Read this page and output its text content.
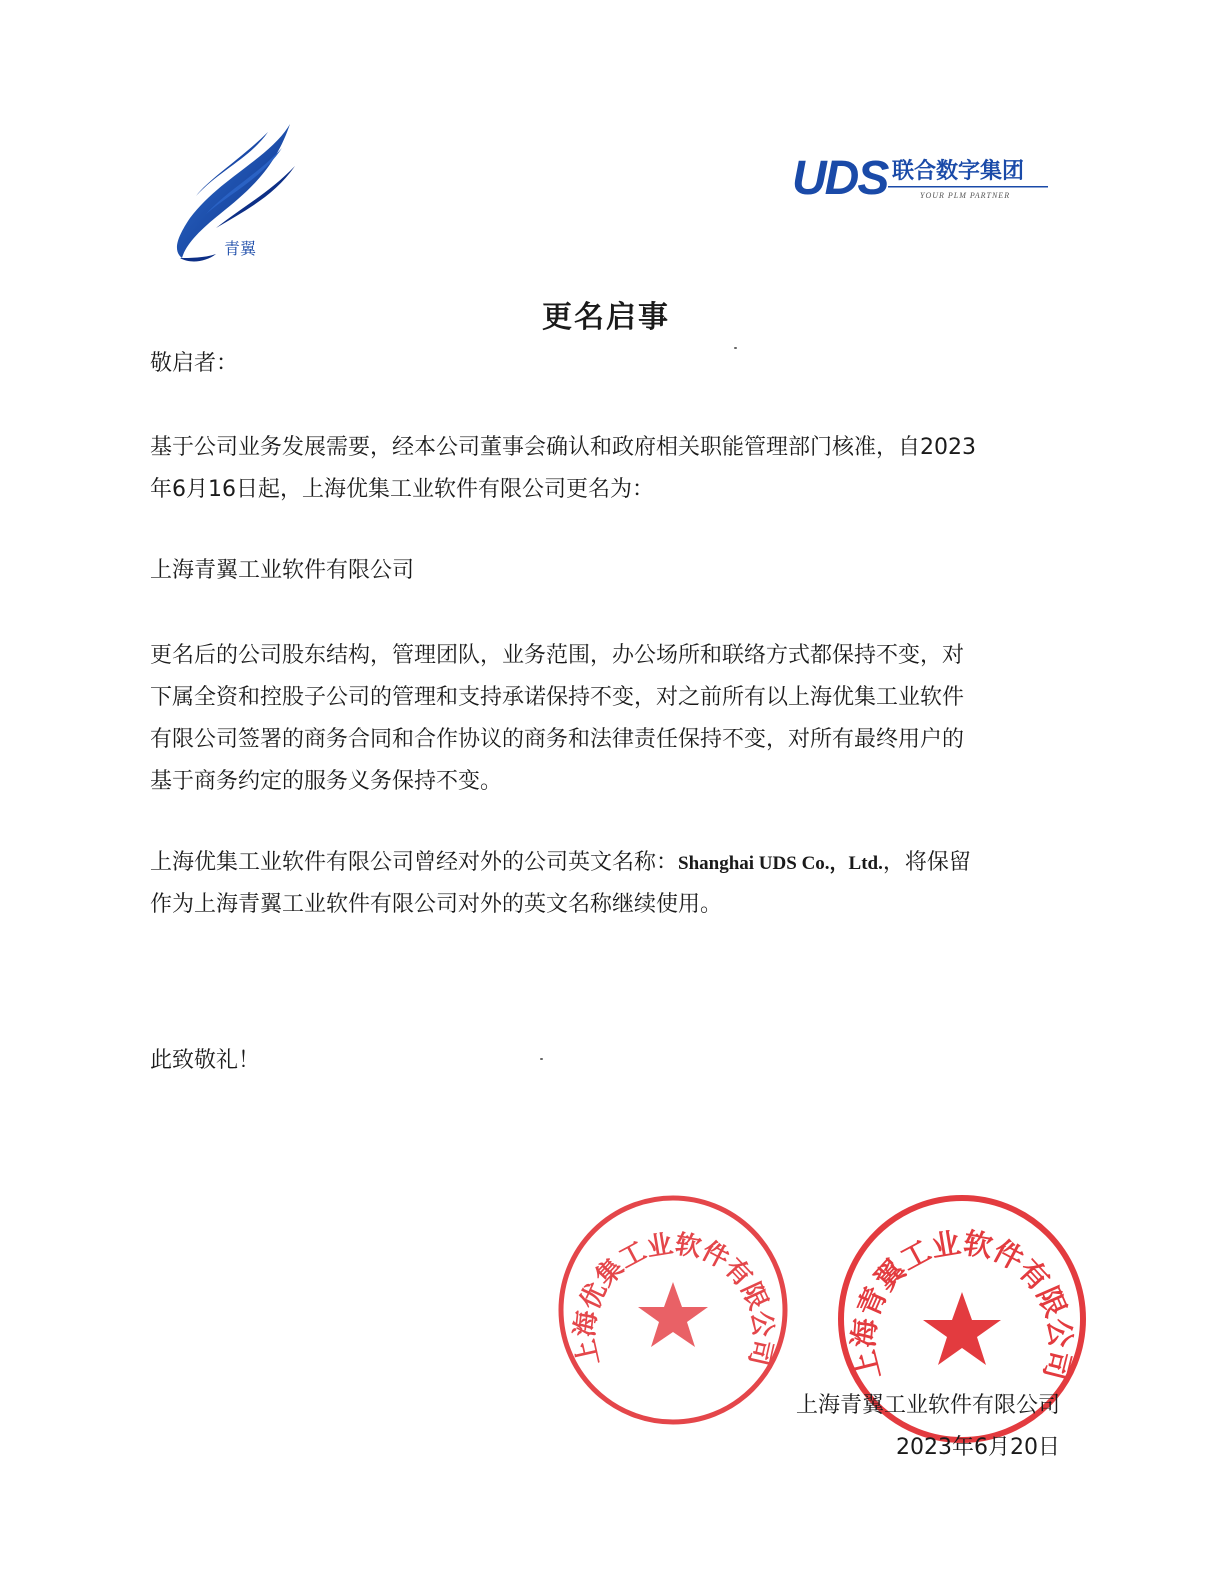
青翼
UDS 联合数字集团
YOUR PLM PARTNER
更名启事

敬启者：

基于公司业务发展需要，经本公司董事会确认和政府相关职能管理部门核准，自2023

年6月16日起，上海优集工业软件有限公司更名为：

上海青翼工业软件有限公司

更名后的公司股东结构，管理团队，业务范围，办公场所和联络方式都保持不变，对

下属全资和控股子公司的管理和支持承诺保持不变，对之前所有以上海优集工业软件

有限公司签署的商务合同和合作协议的商务和法律责任保持不变，对所有最终用户的

基于商务约定的服务义务保持不变。

上海优集工业软件有限公司曾经对外的公司英文名称：Shanghai UDS Co.，Ltd.，将保留

作为上海青翼工业软件有限公司对外的英文名称继续使用。

此致敬礼！

上海优集工业软件有限公司 上海青翼工业软件有限公司
上海青翼工业软件有限公司
2023年6月20日
